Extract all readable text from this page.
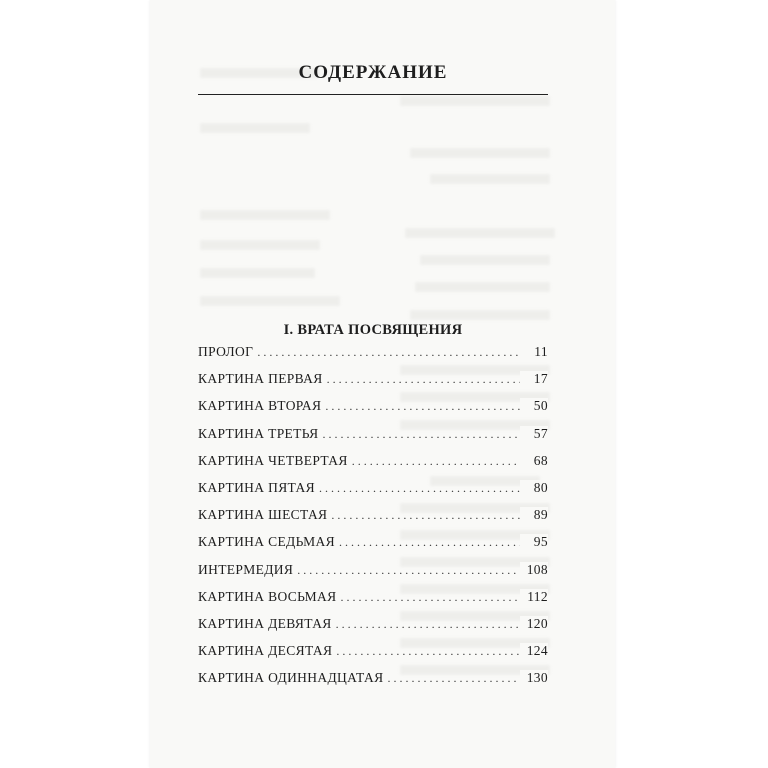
СОДЕРЖАНИЕ
I. ВРАТА ПОСВЯЩЕНИЯ
ПРОЛОГ . . .	11
КАРТИНА ПЕРВАЯ . . .	17
КАРТИНА ВТОРАЯ . . .	50
КАРТИНА ТРЕТЬЯ . . .	57
КАРТИНА ЧЕТВЕРТАЯ . . .	68
КАРТИНА ПЯТАЯ . . .	80
КАРТИНА ШЕСТАЯ . . .	89
КАРТИНА СЕДЬМАЯ . . .	95
ИНТЕРМЕДИЯ . . .	108
КАРТИНА ВОСЬМАЯ . . .	112
КАРТИНА ДЕВЯТАЯ . . .	120
КАРТИНА ДЕСЯТАЯ . . .	124
КАРТИНА ОДИННАДЦАТАЯ . . .	130
